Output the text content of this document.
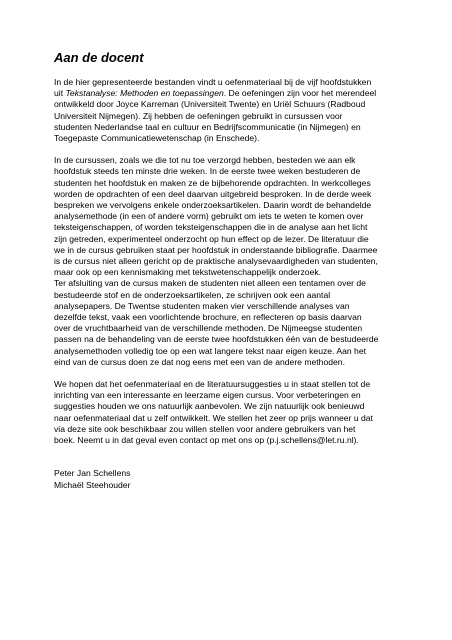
Aan de docent
In de hier gepresenteerde bestanden vindt u oefenmateriaal bij de vijf hoofdstukken
uit Tekstanalyse: Methoden en toepassingen. De oefeningen zijn voor het merendeel
ontwikkeld door Joyce Karreman (Universiteit Twente) en Uriël Schuurs (Radboud
Universiteit Nijmegen). Zij hebben de oefeningen gebruikt in cursussen voor
studenten Nederlandse taal en cultuur en Bedrijfscommunicatie (in Nijmegen) en
Toegepaste Communicatiewetenschap (in Enschede).
In de cursussen, zoals we die tot nu toe verzorgd hebben, besteden we aan elk
hoofdstuk steeds ten minste drie weken. In de eerste twee weken bestuderen de
studenten het hoofdstuk en maken ze de bijbehorende opdrachten. In werkcolleges
worden de opdrachten of een deel daarvan uitgebreid besproken. In de derde week
bespreken we vervolgens enkele onderzoeksartikelen. Daarin wordt de behandelde
analysemethode (in een of andere vorm) gebruikt om iets te weten te komen over
teksteigenschappen, of worden teksteigenschappen die in de analyse aan het licht
zijn getreden, experimenteel onderzocht op hun effect op de lezer. De literatuur die
we in de cursus gebruiken staat per hoofdstuk in onderstaande bibliografie. Daarmee
is de cursus niet alleen gericht op de praktische analysevaardigheden van studenten,
maar ook op een kennismaking met tekstwetenschappelijk onderzoek.
Ter afsluiting van de cursus maken de studenten niet alleen een tentamen over de
bestudeerde stof en de onderzoeksartikelen, ze schrijven ook een aantal
analysepapers. De Twentse studenten maken vier verschillende analyses van
dezelfde tekst, vaak een voorlichtende brochure, en reflecteren op basis daarvan
over de vruchtbaarheid van de verschillende methoden. De Nijmeegse studenten
passen na de behandeling van de eerste twee hoofdstukken één van de bestudeerde
analysemethoden volledig toe op een wat langere tekst naar eigen keuze. Aan het
eind van de cursus doen ze dat nog eens met een van de andere methoden.
We hopen dat het oefenmateriaal en de literatuursuggesties u in staat stellen tot de
inrichting van een interessante en leerzame eigen cursus. Voor verbeteringen en
suggesties houden we ons natuurlijk aanbevolen. We zijn natuurlijk ook benieuwd
naar oefenmateriaal dat u zelf ontwikkelt. We stellen het zeer op prijs wanneer u dat
via deze site ook beschikbaar zou willen stellen voor andere gebruikers van het
boek. Neemt u in dat geval even contact op met ons op (p.j.schellens@let.ru.nl).
Peter Jan Schellens
Michaël Steehouder
